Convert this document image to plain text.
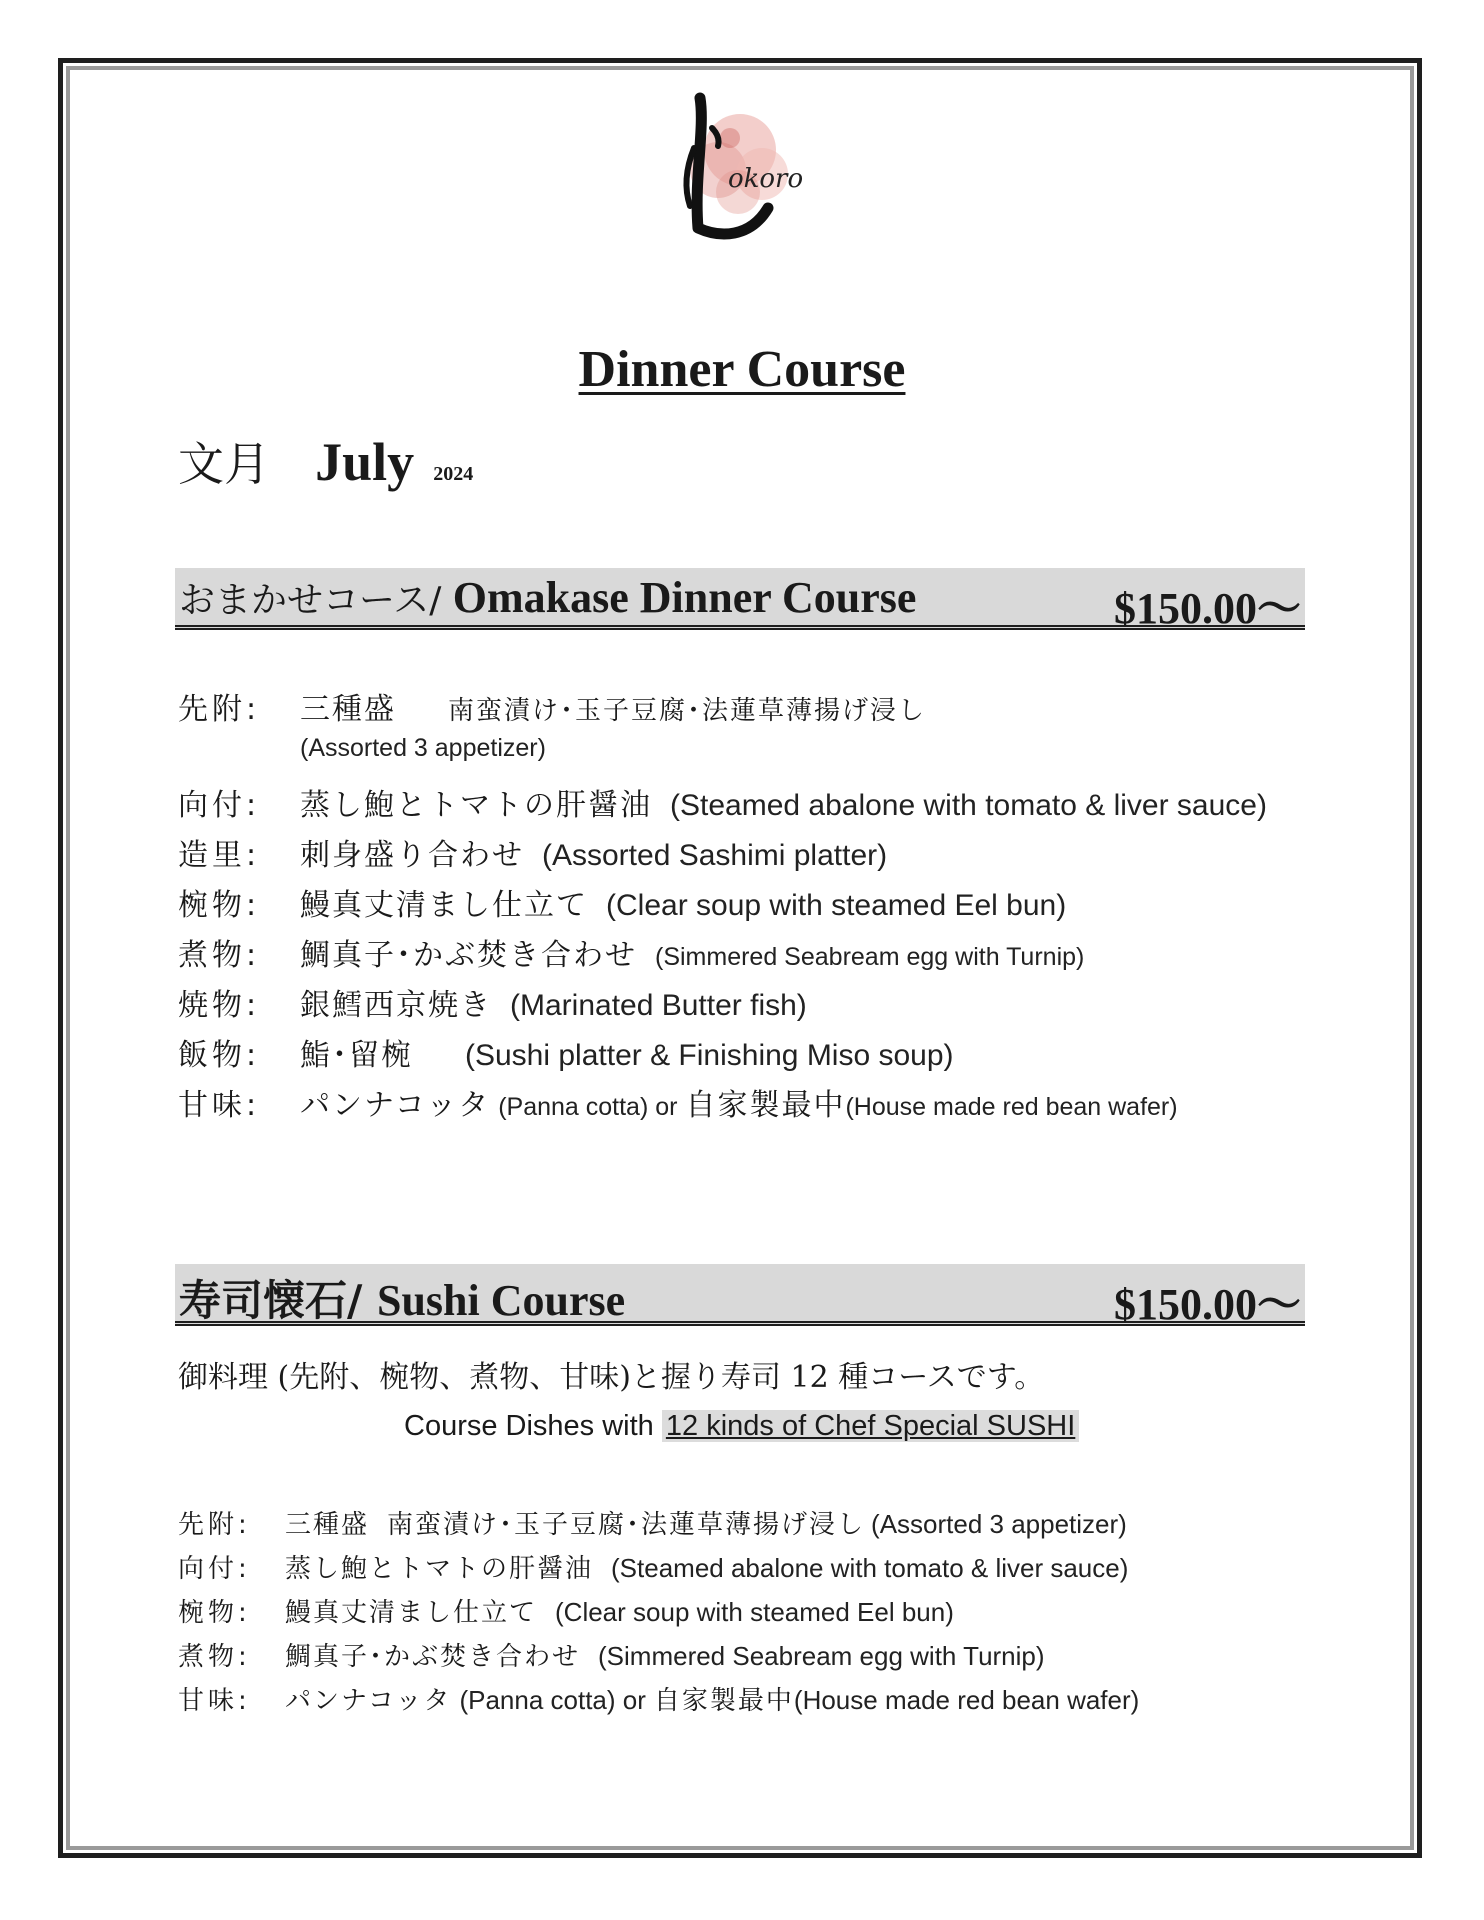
okoro
Dinner Course
文月 July 2024
おまかせコース/ Omakase Dinner Course	$150.00～
先附:	三種盛 南蛮漬け･玉子豆腐･法蓮草薄揚げ浸し
(Assorted 3 appetizer)
向付:	蒸し鮑とトマトの肝醤油 (Steamed abalone with tomato & liver sauce)
造里:	刺身盛り合わせ (Assorted Sashimi platter)
椀物:	鰻真丈清まし仕立て (Clear soup with steamed Eel bun)
煮物:	鯛真子･かぶ焚き合わせ (Simmered Seabream egg with Turnip)
焼物:	銀鱈西京焼き (Marinated Butter fish)
飯物:	鮨･留椀 (Sushi platter & Finishing Miso soup)
甘味:	パンナコッタ (Panna cotta) or 自家製最中 (House made red bean wafer)
寿司懐石/ Sushi Course	$150.00～
御料理 (先附、椀物、煮物、甘味)と握り寿司 12 種コースです。
Course Dishes with 12 kinds of Chef Special SUSHI
先附:	三種盛 南蛮漬け･玉子豆腐･法蓮草薄揚げ浸し (Assorted 3 appetizer)
向付:	蒸し鮑とトマトの肝醤油 (Steamed abalone with tomato & liver sauce)
椀物:	鰻真丈清まし仕立て (Clear soup with steamed Eel bun)
煮物:	鯛真子･かぶ焚き合わせ (Simmered Seabream egg with Turnip)
甘味:	パンナコッタ (Panna cotta) or 自家製最中 (House made red bean wafer)
